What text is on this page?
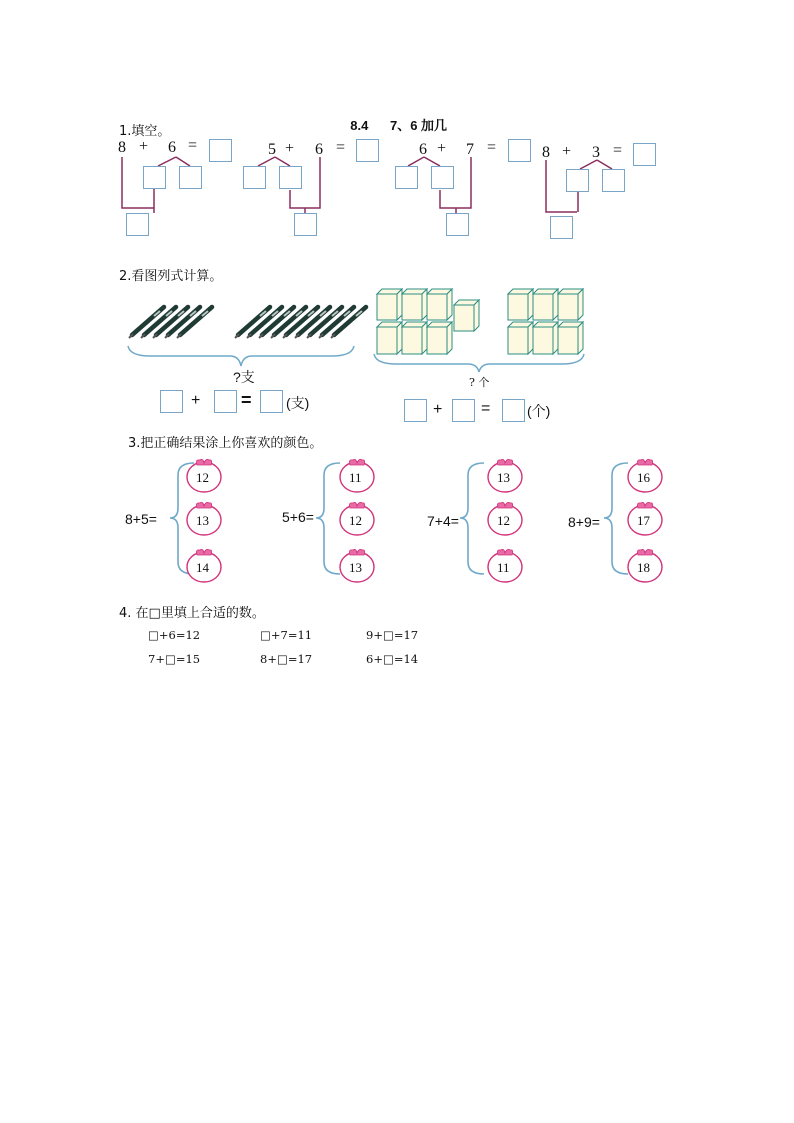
8.4 7、6 加几

1.填空。
8 + 6 =	5 + 6 =	6 + 7 =	8 + 3 =
2.看图列式计算。
?支
+ = (支)
? 个
+ =	(个)
3.把正确结果涂上你喜欢的颜色。
8+5=
12
13
14
5+6=
11
12
13
7+4=
13
12
11
8+9=
16
17
18
4. 在□里填上合适的数。
□+6=12	□+7=11	9+□=17
7+□=15	8+□=17	6+□=14
